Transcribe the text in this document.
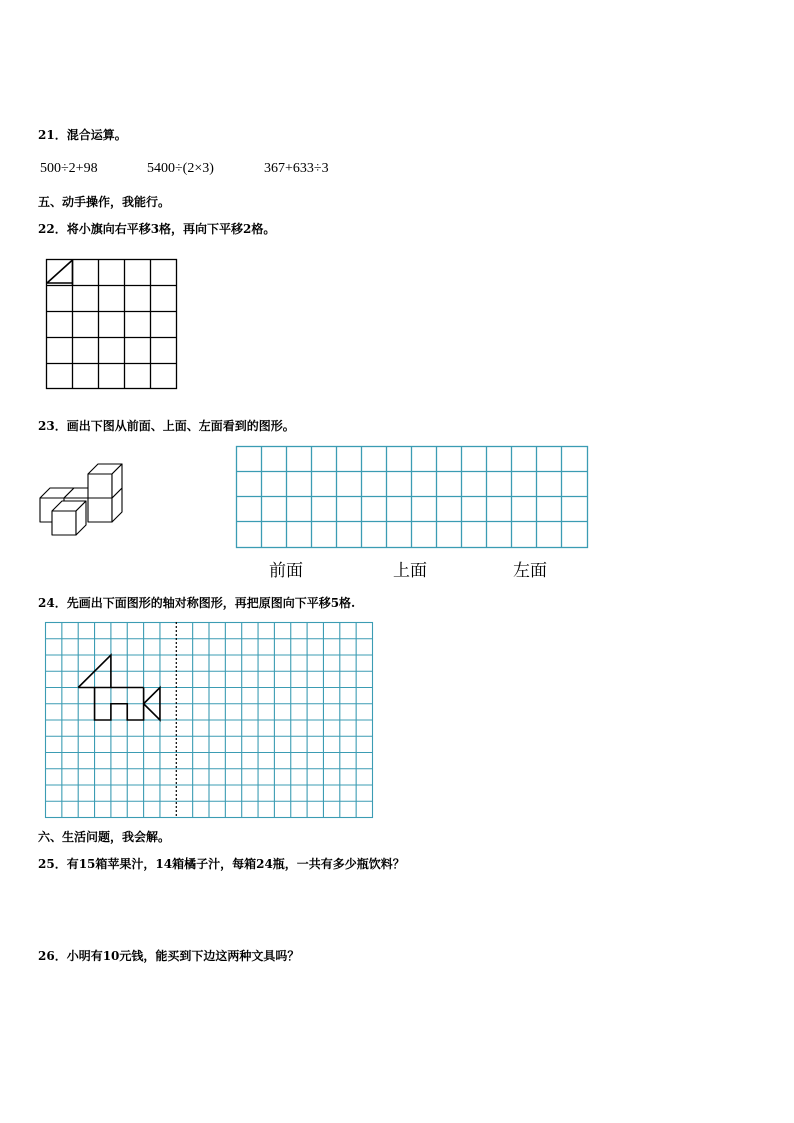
21．混合运算。
500÷2+98	5400÷(2×3)	367+633÷3
五、动手操作，我能行。
22．将小旗向右平移3格，再向下平移2格。
23．画出下图从前面、上面、左面看到的图形。
前面	上面	左面
24．先画出下面图形的轴对称图形，再把原图向下平移5格.
六、生活问题，我会解。
25．有15箱苹果汁，14箱橘子汁，每箱24瓶，一共有多少瓶饮料？
26．小明有10元钱，能买到下边这两种文具吗？
